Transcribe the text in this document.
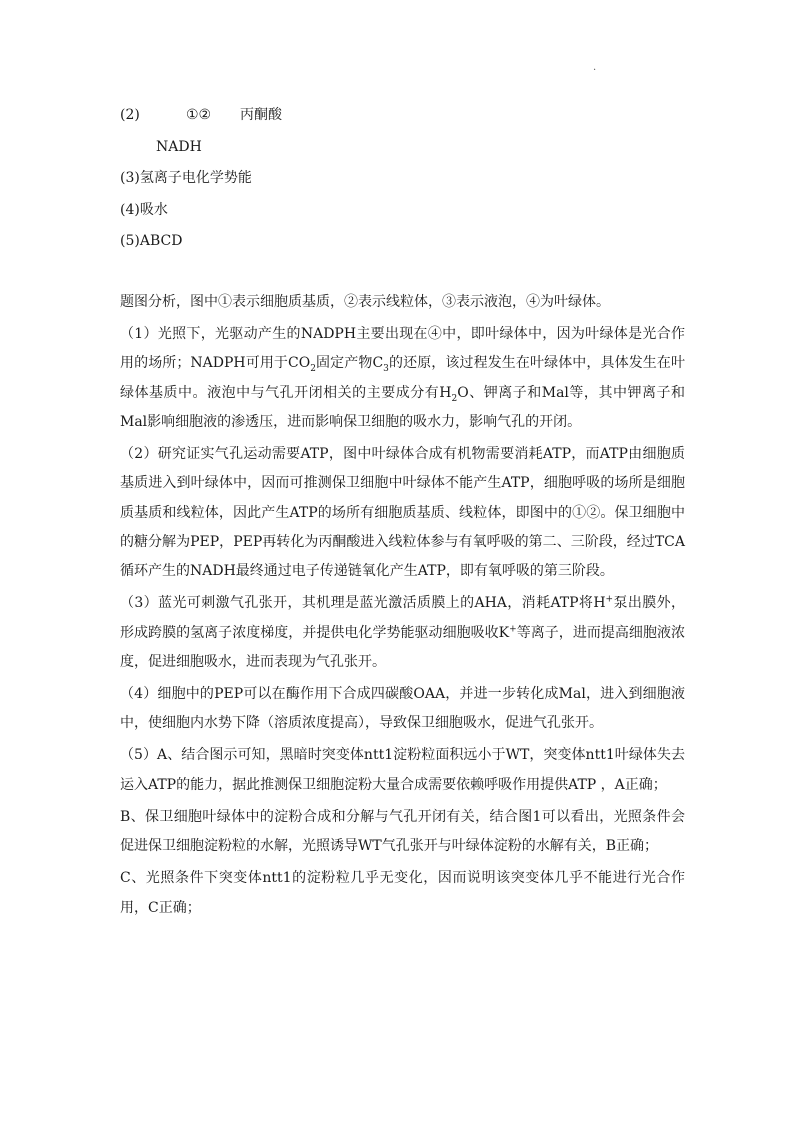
.
(2)	①② 丙酮酸
NADH
(3)氢离子电化学势能
(4)吸水
(5)ABCD

题图分析，图中①表示细胞质基质，②表示线粒体，③表示液泡，④为叶绿体。

（1）光照下，光驱动产生的NADPH主要出现在④中，即叶绿体中，因为叶绿体是光合作用的场所；NADPH可用于$CO_2$固定产物$C_3$的还原，该过程发生在叶绿体中，具体发生在叶绿体基质中。液泡中与气孔开闭相关的主要成分有$H_2O$、钾离子和Mal等，其中钾离子和Mal影响细胞液的渗透压，进而影响保卫细胞的吸水力，影响气孔的开闭。

（2）研究证实气孔运动需要ATP，图中叶绿体合成有机物需要消耗ATP，而ATP由细胞质基质进入到叶绿体中，因而可推测保卫细胞中叶绿体不能产生ATP，细胞呼吸的场所是细胞质基质和线粒体，因此产生ATP的场所有细胞质基质、线粒体，即图中的①②。保卫细胞中的糖分解为PEP，PEP再转化为丙酮酸进入线粒体参与有氧呼吸的第二、三阶段，经过TCA循环产生的NADH最终通过电子传递链氧化产生ATP，即有氧呼吸的第三阶段。

（3）蓝光可刺激气孔张开，其机理是蓝光激活质膜上的AHA，消耗ATP将H+泵出膜外，形成跨膜的氢离子浓度梯度，并提供电化学势能驱动细胞吸收K+等离子，进而提高细胞液浓度，促进细胞吸水，进而表现为气孔张开。

（4）细胞中的PEP可以在酶作用下合成四碳酸OAA，并进一步转化成Mal，进入到细胞液中，使细胞内水势下降（溶质浓度提高），导致保卫细胞吸水，促进气孔张开。

（5）A、结合图示可知，黑暗时突变体ntt1淀粉粒面积远小于WT，突变体ntt1叶绿体失去运入ATP的能力，据此推测保卫细胞淀粉大量合成需要依赖呼吸作用提供ATP ，A正确；

B、保卫细胞叶绿体中的淀粉合成和分解与气孔开闭有关，结合图1可以看出，光照条件会促进保卫细胞淀粉粒的水解，光照诱导WT气孔张开与叶绿体淀粉的水解有关，B正确；

C、光照条件下突变体ntt1的淀粉粒几乎无变化，因而说明该突变体几乎不能进行光合作用，C正确；
